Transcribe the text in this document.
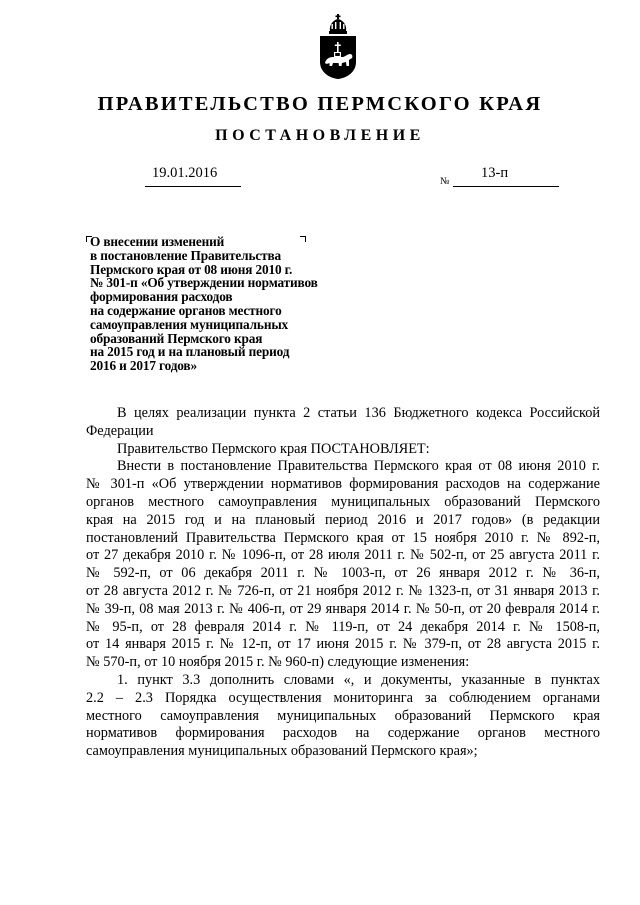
ПРАВИТЕЛЬСТВО ПЕРМСКОГО КРАЯ
ПОСТАНОВЛЕНИЕ
19.01.2016
№
13-п
О внесении изменений
в постановление Правительства
Пермского края от 08 июня 2010 г.
№ 301-п «Об утверждении нормативов
формирования расходов
на содержание органов местного
самоуправления муниципальных
образований Пермского края
на 2015 год и на плановый период
2016 и 2017 годов»
В целях реализации пункта 2 статьи 136 Бюджетного кодекса Российской
Федерации
Правительство Пермского края ПОСТАНОВЛЯЕТ:
Внести в постановление Правительства Пермского края от 08 июня 2010 г.
№ 301-п «Об утверждении нормативов формирования расходов на содержание
органов местного самоуправления муниципальных образований Пермского
края на 2015 год и на плановый период 2016 и 2017 годов» (в редакции
постановлений Правительства Пермского края от 15 ноября 2010 г. № 892-п,
от 27 декабря 2010 г. № 1096-п, от 28 июля 2011 г. № 502-п, от 25 августа 2011 г.
№ 592-п, от 06 декабря 2011 г. № 1003-п, от 26 января 2012 г. № 36-п,
от 28 августа 2012 г. № 726-п, от 21 ноября 2012 г. № 1323-п, от 31 января 2013 г.
№ 39-п, 08 мая 2013 г. № 406-п, от 29 января 2014 г. № 50-п, от 20 февраля 2014 г.
№ 95-п, от 28 февраля 2014 г. № 119-п, от 24 декабря 2014 г. № 1508-п,
от 14 января 2015 г. № 12-п, от 17 июня 2015 г. № 379-п, от 28 августа 2015 г.
№ 570-п, от 10 ноября 2015 г. № 960-п) следующие изменения:
1. пункт 3.3 дополнить словами «, и документы, указанные в пунктах
2.2 – 2.3 Порядка осуществления мониторинга за соблюдением органами
местного самоуправления муниципальных образований Пермского края
нормативов формирования расходов на содержание органов местного
самоуправления муниципальных образований Пермского края»;
